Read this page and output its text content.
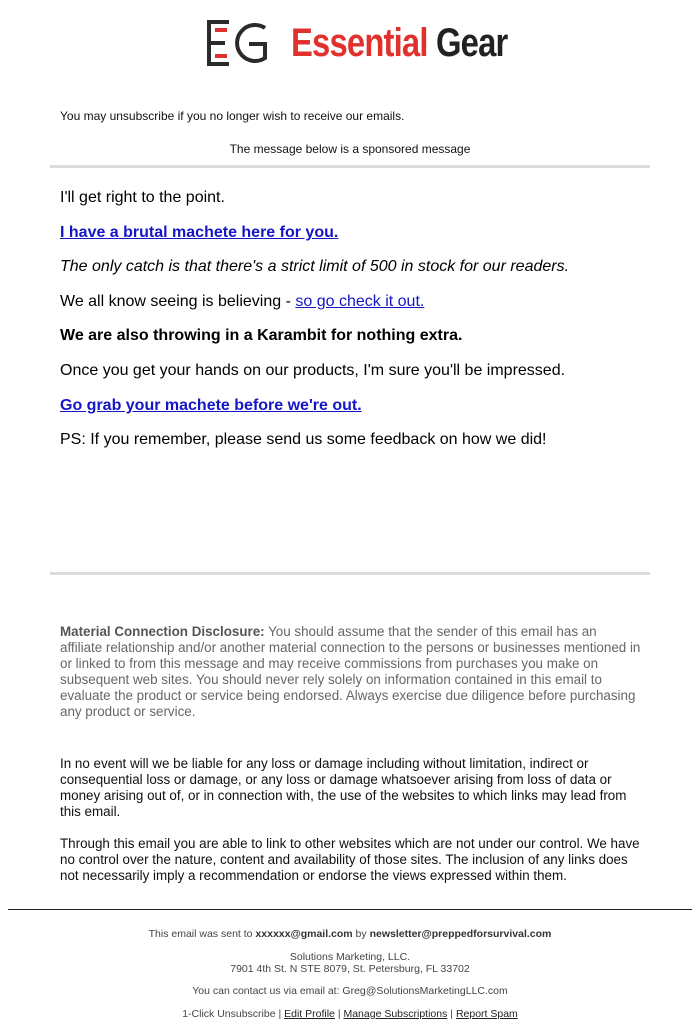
Essential Gear
You may unsubscribe if you no longer wish to receive our emails.
The message below is a sponsored message

I'll get right to the point.

I have a brutal machete here for you.

The only catch is that there's a strict limit of 500 in stock for our readers.

We all know seeing is believing - so go check it out.

We are also throwing in a Karambit for nothing extra.

Once you get your hands on our products, I'm sure you'll be impressed.

Go grab your machete before we're out.

PS: If you remember, please send us some feedback on how we did!

Material Connection Disclosure: You should assume that the sender of this email has an affiliate relationship and/or another material connection to the persons or businesses mentioned in or linked to from this message and may receive commissions from purchases you make on subsequent web sites. You should never rely solely on information contained in this email to evaluate the product or service being endorsed. Always exercise due diligence before purchasing any product or service.
In no event will we be liable for any loss or damage including without limitation, indirect or consequential loss or damage, or any loss or damage whatsoever arising from loss of data or money arising out of, or in connection with, the use of the websites to which links may lead from this email.
Through this email you are able to link to other websites which are not under our control. We have no control over the nature, content and availability of those sites. The inclusion of any links does not necessarily imply a recommendation or endorse the views expressed within them.
This email was sent to xxxxxx@gmail.com by newsletter@preppedforsurvival.com
Solutions Marketing, LLC.
7901 4th St. N STE 8079, St. Petersburg, FL 33702
You can contact us via email at: Greg@SolutionsMarketingLLC.com
1-Click Unsubscribe | Edit Profile | Manage Subscriptions | Report Spam
